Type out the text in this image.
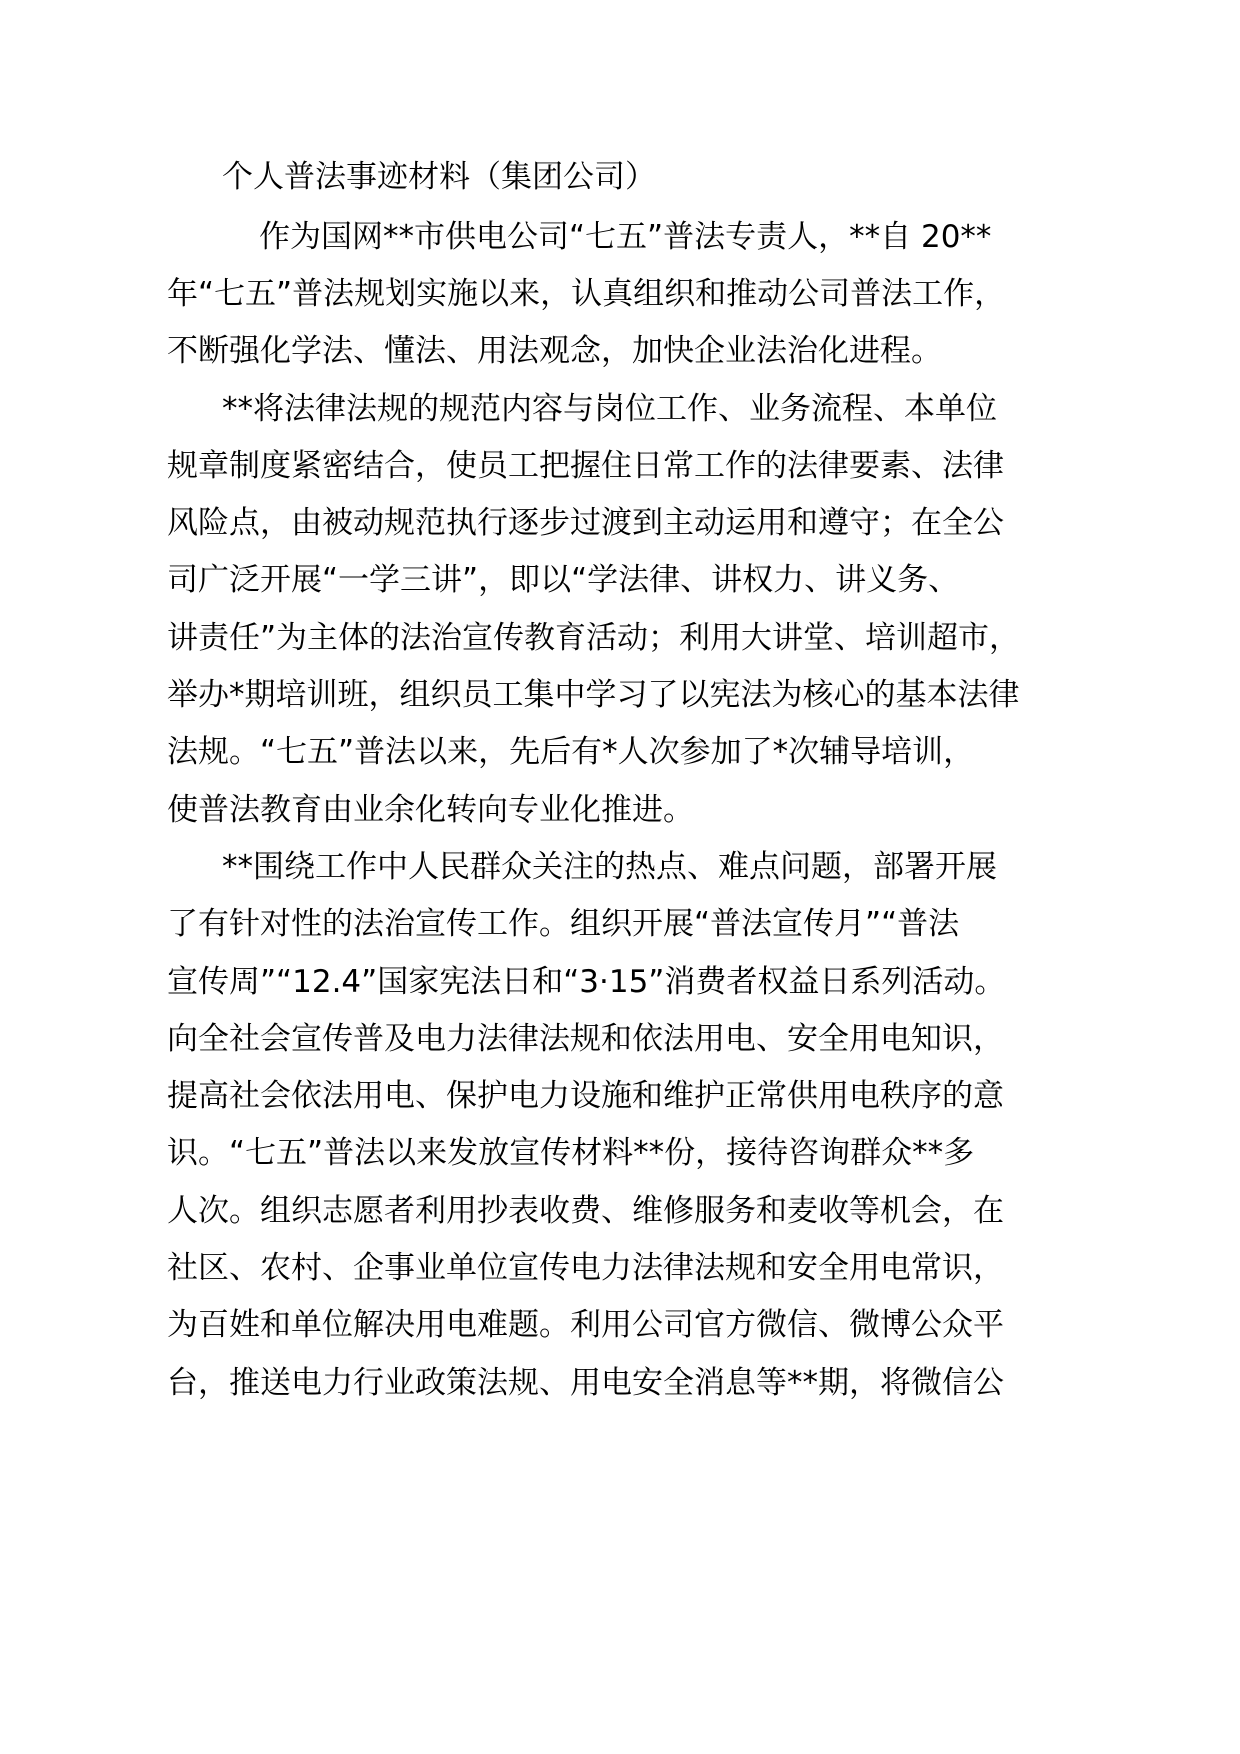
个人普法事迹材料（集团公司）
作为国网**市供电公司“七五”普法专责人，**自 20**
年“七五”普法规划实施以来，认真组织和推动公司普法工作，
不断强化学法、懂法、用法观念，加快企业法治化进程。
**将法律法规的规范内容与岗位工作、业务流程、本单位
规章制度紧密结合，使员工把握住日常工作的法律要素、法律
风险点，由被动规范执行逐步过渡到主动运用和遵守；在全公
司广泛开展“一学三讲”，即以“学法律、讲权力、讲义务、
讲责任”为主体的法治宣传教育活动；利用大讲堂、培训超市，
举办*期培训班，组织员工集中学习了以宪法为核心的基本法律
法规。“七五”普法以来，先后有*人次参加了*次辅导培训，
使普法教育由业余化转向专业化推进。
**围绕工作中人民群众关注的热点、难点问题，部署开展
了有针对性的法治宣传工作。组织开展“普法宣传月”“普法
宣传周”“12.4”国家宪法日和“3·15”消费者权益日系列活动。
向全社会宣传普及电力法律法规和依法用电、安全用电知识，
提高社会依法用电、保护电力设施和维护正常供用电秩序的意
识。“七五”普法以来发放宣传材料**份，接待咨询群众**多
人次。组织志愿者利用抄表收费、维修服务和麦收等机会，在
社区、农村、企事业单位宣传电力法律法规和安全用电常识，
为百姓和单位解决用电难题。利用公司官方微信、微博公众平
台，推送电力行业政策法规、用电安全消息等**期，将微信公
